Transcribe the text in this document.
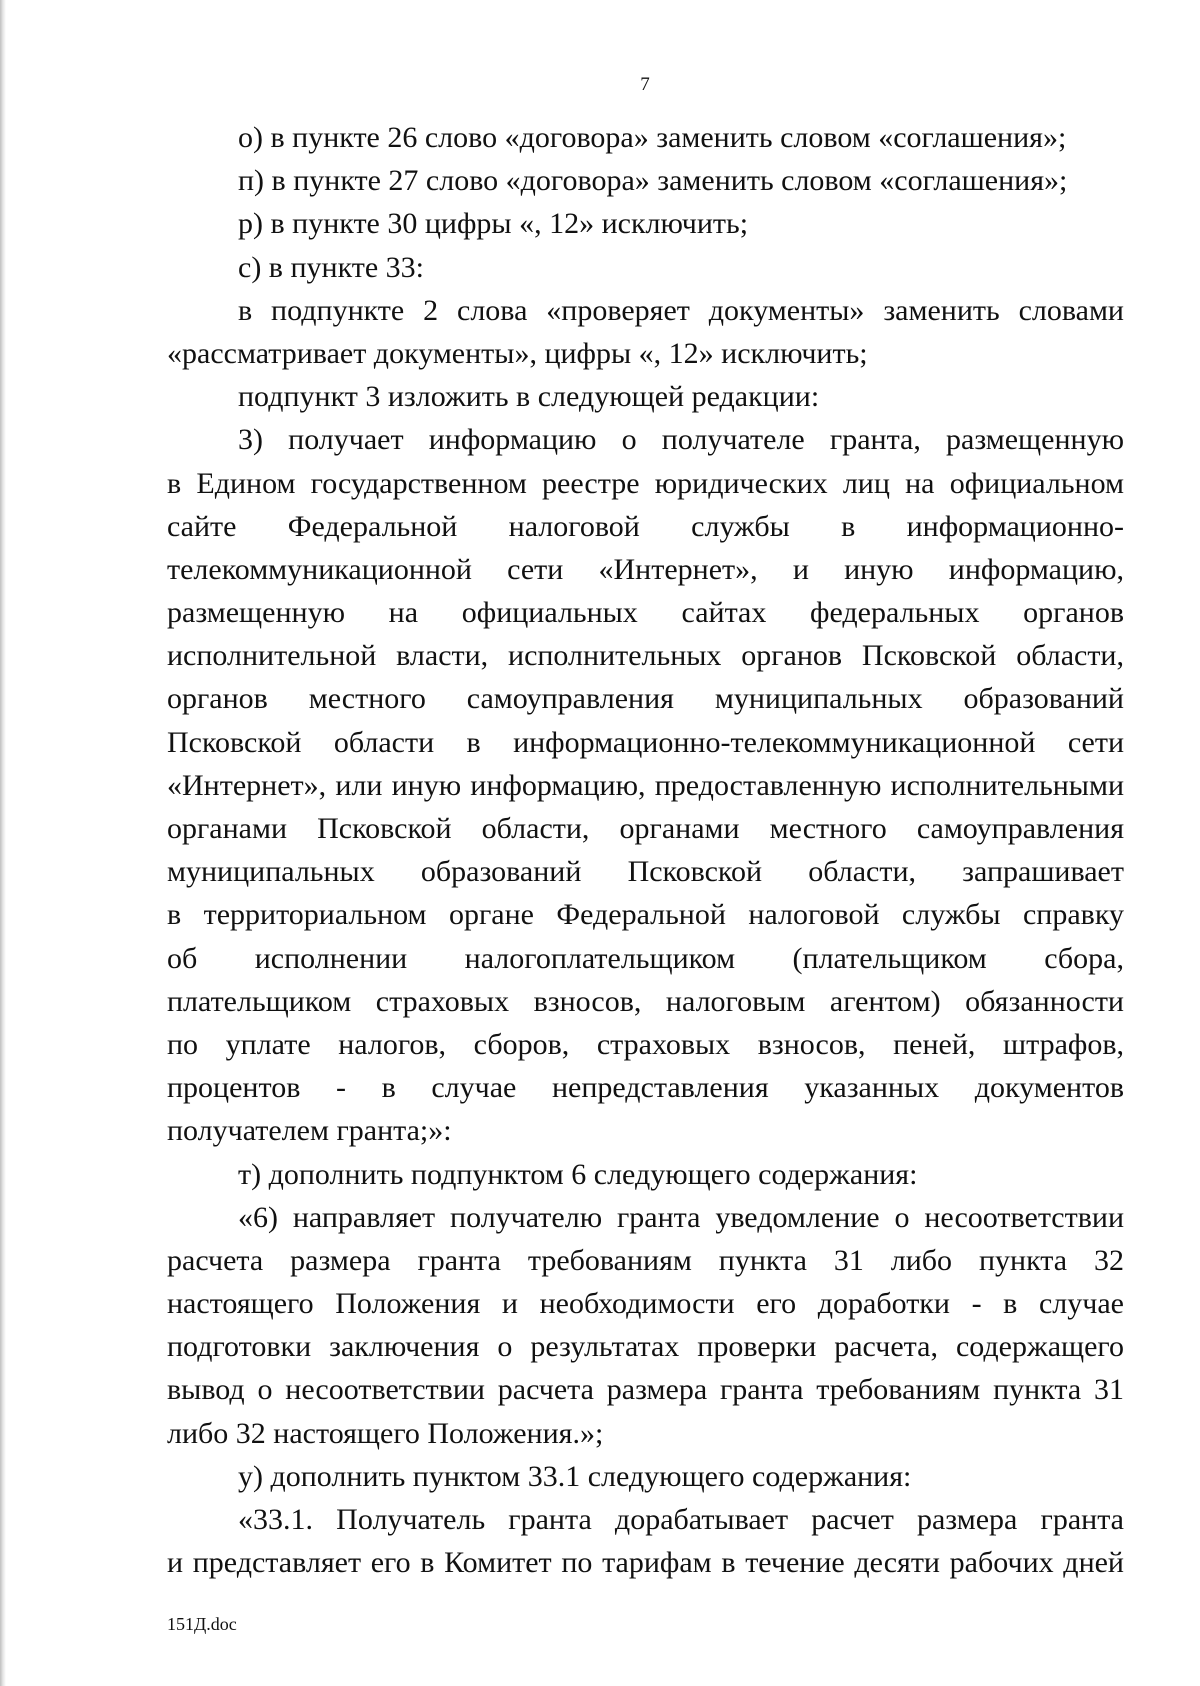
7
о) в пункте 26 слово «договора» заменить словом «соглашения»;
п) в пункте 27 слово «договора» заменить словом «соглашения»;
р) в пункте 30 цифры «, 12» исключить;
с) в пункте 33:
в подпункте 2 слова «проверяет документы» заменить словами
«рассматривает документы», цифры «, 12» исключить;
подпункт 3 изложить в следующей редакции:
3) получает информацию о получателе гранта, размещенную
в Едином государственном реестре юридических лиц на официальном
сайте Федеральной налоговой службы в информационно-
телекоммуникационной сети «Интернет», и иную информацию,
размещенную на официальных сайтах федеральных органов
исполнительной власти, исполнительных органов Псковской области,
органов местного самоуправления муниципальных образований
Псковской области в информационно-телекоммуникационной сети
«Интернет», или иную информацию, предоставленную исполнительными
органами Псковской области, органами местного самоуправления
муниципальных образований Псковской области, запрашивает
в территориальном органе Федеральной налоговой службы справку
об исполнении налогоплательщиком (плательщиком сбора,
плательщиком страховых взносов, налоговым агентом) обязанности
по уплате налогов, сборов, страховых взносов, пеней, штрафов,
процентов - в случае непредставления указанных документов
получателем гранта;»:
т) дополнить подпунктом 6 следующего содержания:
«6) направляет получателю гранта уведомление о несоответствии
расчета размера гранта требованиям пункта 31 либо пункта 32
настоящего Положения и необходимости его доработки - в случае
подготовки заключения о результатах проверки расчета, содержащего
вывод о несоответствии расчета размера гранта требованиям пункта 31
либо 32 настоящего Положения.»;
у) дополнить пунктом 33.1 следующего содержания:
«33.1. Получатель гранта дорабатывает расчет размера гранта
и представляет его в Комитет по тарифам в течение десяти рабочих дней
151Д.doc
